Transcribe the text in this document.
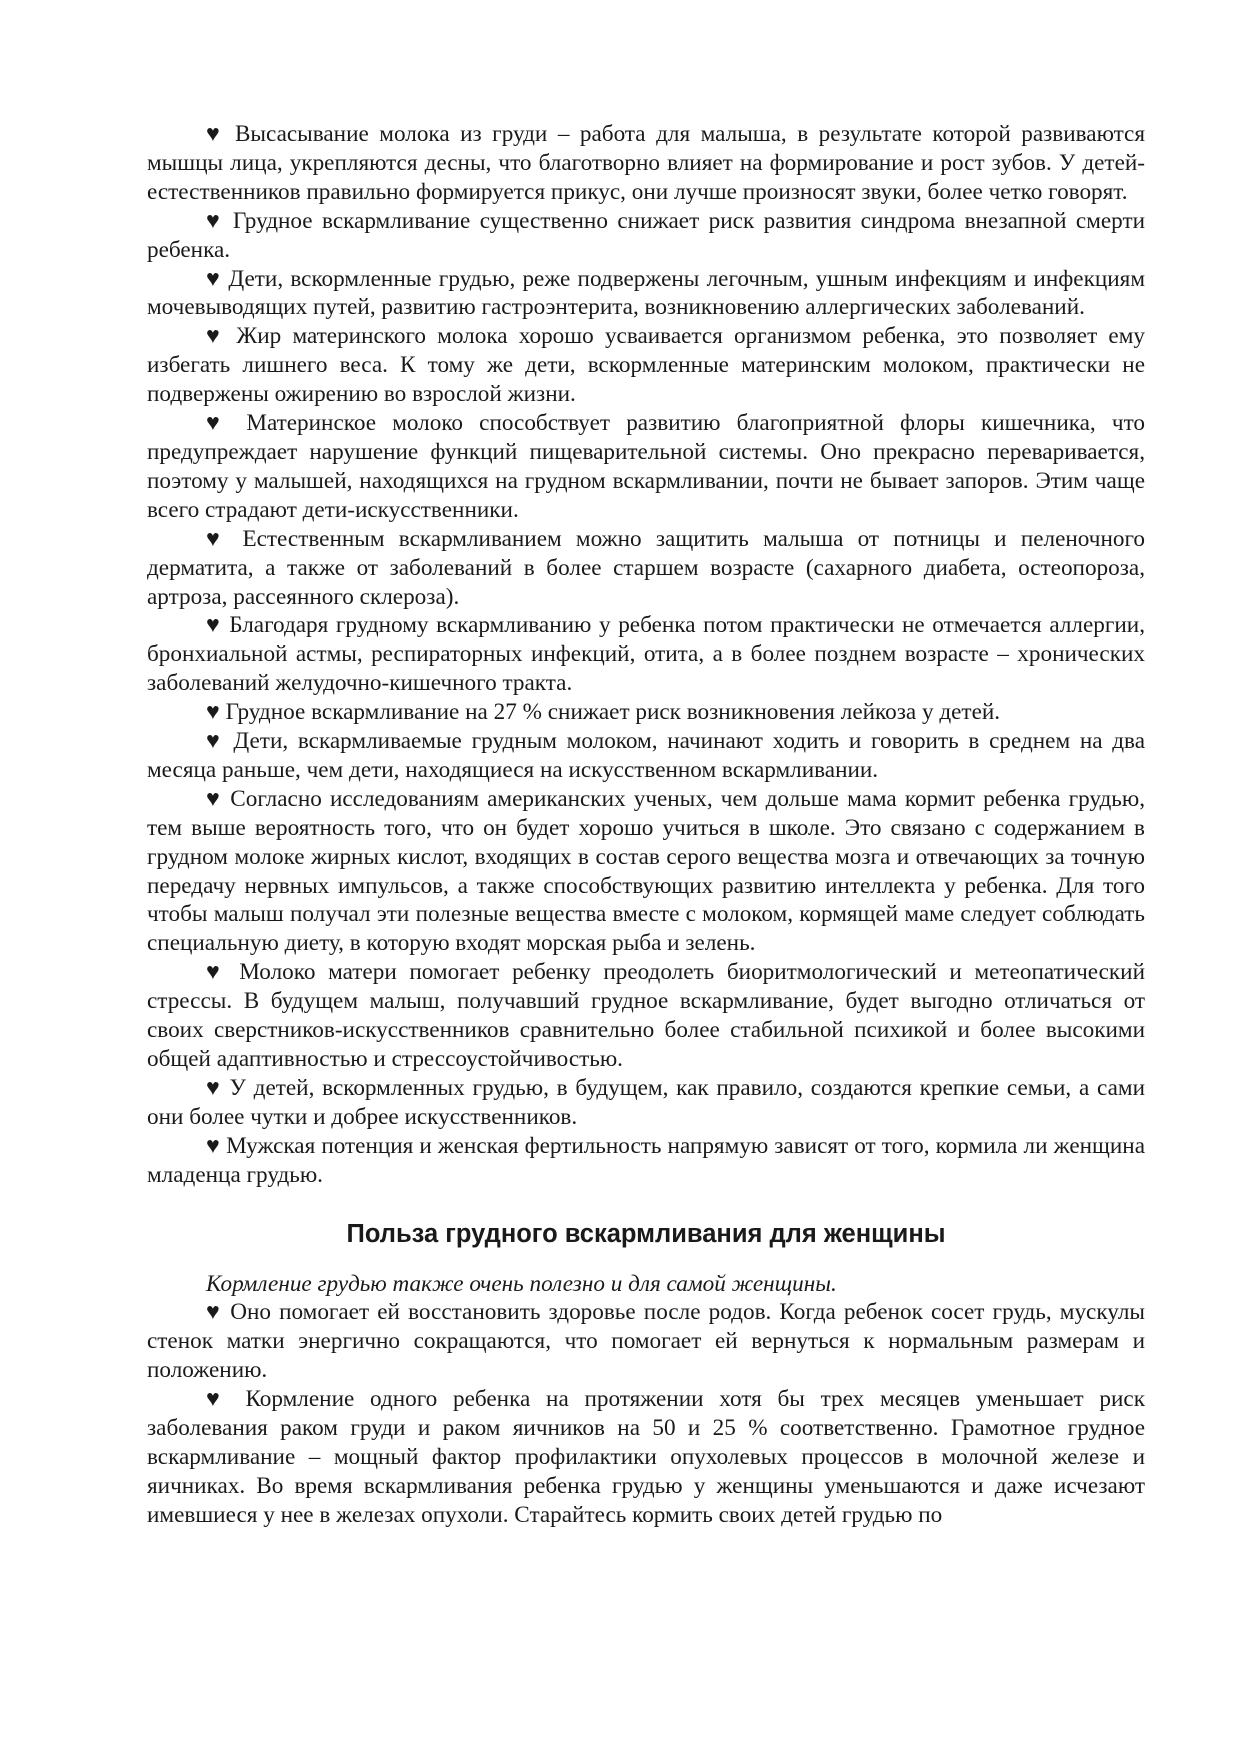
♥ Высасывание молока из груди – работа для малыша, в результате которой развиваются мышцы лица, укрепляются десны, что благотворно влияет на формирование и рост зубов. У детей-естественников правильно формируется прикус, они лучше произносят звуки, более четко говорят.

♥ Грудное вскармливание существенно снижает риск развития синдрома внезапной смерти ребенка.

♥ Дети, вскормленные грудью, реже подвержены легочным, ушным инфекциям и инфекциям мочевыводящих путей, развитию гастроэнтерита, возникновению аллергических заболеваний.

♥ Жир материнского молока хорошо усваивается организмом ребенка, это позволяет ему избегать лишнего веса. К тому же дети, вскормленные материнским молоком, практически не подвержены ожирению во взрослой жизни.

♥ Материнское молоко способствует развитию благоприятной флоры кишечника, что предупреждает нарушение функций пищеварительной системы. Оно прекрасно переваривается, поэтому у малышей, находящихся на грудном вскармливании, почти не бывает запоров. Этим чаще всего страдают дети-искусственники.

♥ Естественным вскармливанием можно защитить малыша от потницы и пеленочного дерматита, а также от заболеваний в более старшем возрасте (сахарного диабета, остеопороза, артроза, рассеянного склероза).

♥ Благодаря грудному вскармливанию у ребенка потом практически не отмечается аллергии, бронхиальной астмы, респираторных инфекций, отита, а в более позднем возрасте – хронических заболеваний желудочно-кишечного тракта.

♥ Грудное вскармливание на 27 % снижает риск возникновения лейкоза у детей.

♥ Дети, вскармливаемые грудным молоком, начинают ходить и говорить в среднем на два месяца раньше, чем дети, находящиеся на искусственном вскармливании.

♥ Согласно исследованиям американских ученых, чем дольше мама кормит ребенка грудью, тем выше вероятность того, что он будет хорошо учиться в школе. Это связано с содержанием в грудном молоке жирных кислот, входящих в состав серого вещества мозга и отвечающих за точную передачу нервных импульсов, а также способствующих развитию интеллекта у ребенка. Для того чтобы малыш получал эти полезные вещества вместе с молоком, кормящей маме следует соблюдать специальную диету, в которую входят морская рыба и зелень.

♥ Молоко матери помогает ребенку преодолеть биоритмологический и метеопатический стрессы. В будущем малыш, получавший грудное вскармливание, будет выгодно отличаться от своих сверстников-искусственников сравнительно более стабильной психикой и более высокими общей адаптивностью и стрессоустойчивостью.

♥ У детей, вскормленных грудью, в будущем, как правило, создаются крепкие семьи, а сами они более чутки и добрее искусственников.

♥ Мужская потенция и женская фертильность напрямую зависят от того, кормила ли женщина младенца грудью.

Польза грудного вскармливания для женщины

Кормление грудью также очень полезно и для самой женщины.

♥ Оно помогает ей восстановить здоровье после родов. Когда ребенок сосет грудь, мускулы стенок матки энергично сокращаются, что помогает ей вернуться к нормальным размерам и положению.

♥ Кормление одного ребенка на протяжении хотя бы трех месяцев уменьшает риск заболевания раком груди и раком яичников на 50 и 25 % соответственно. Грамотное грудное вскармливание – мощный фактор профилактики опухолевых процессов в молочной железе и яичниках. Во время вскармливания ребенка грудью у женщины уменьшаются и даже исчезают имевшиеся у нее в железах опухоли. Старайтесь кормить своих детей грудью по
